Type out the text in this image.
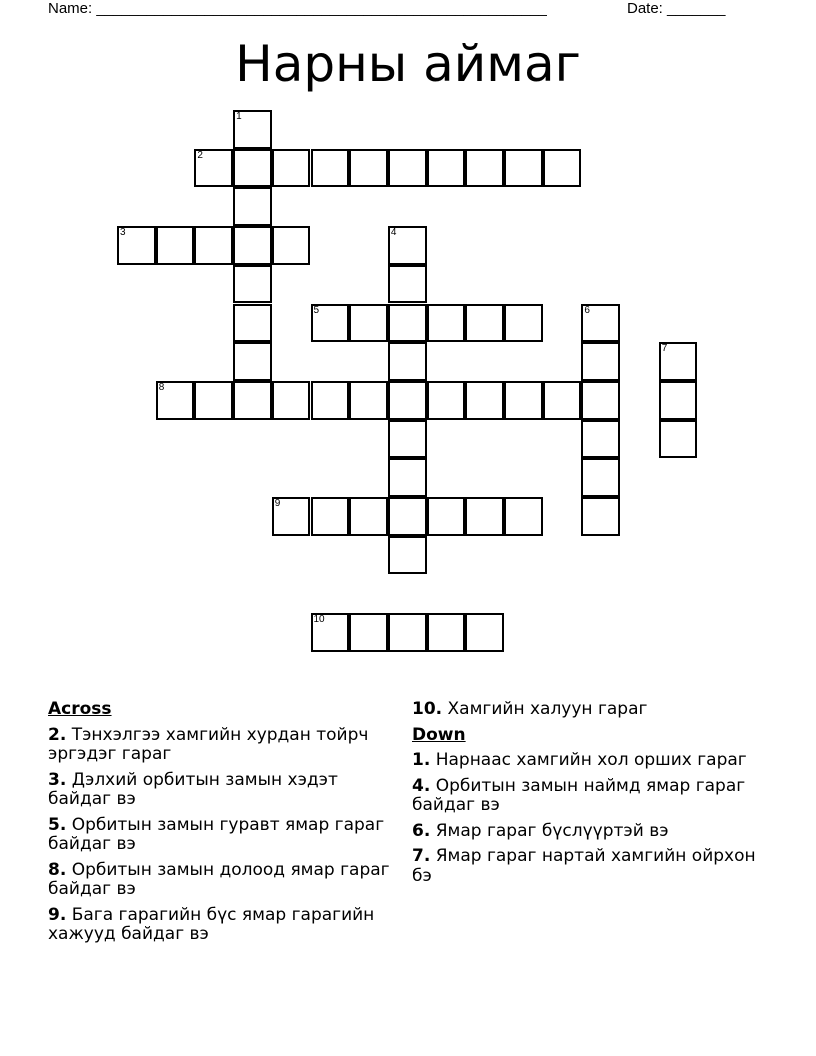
Name: ______________________________________________________	Date: _______
Нарны аймаг
1
2
3	4
5	6
7
8
9
10
Across
2. Тэнхэлгээ хамгийн хурдан тойрч эргэдэг гараг
3. Дэлхий орбитын замын хэдэт байдаг вэ
5. Орбитын замын гуравт ямар гараг байдаг вэ
8. Орбитын замын долоод ямар гараг байдаг вэ
9. Бага гарагийн бүс ямар гарагийн хажууд байдаг вэ
10. Хамгийн халуун гараг
Down
1. Нарнаас хамгийн хол орших гараг
4. Орбитын замын наймд ямар гараг байдаг вэ
6. Ямар гараг бүслүүртэй вэ
7. Ямар гараг нартай хамгийн ойрхон бэ
